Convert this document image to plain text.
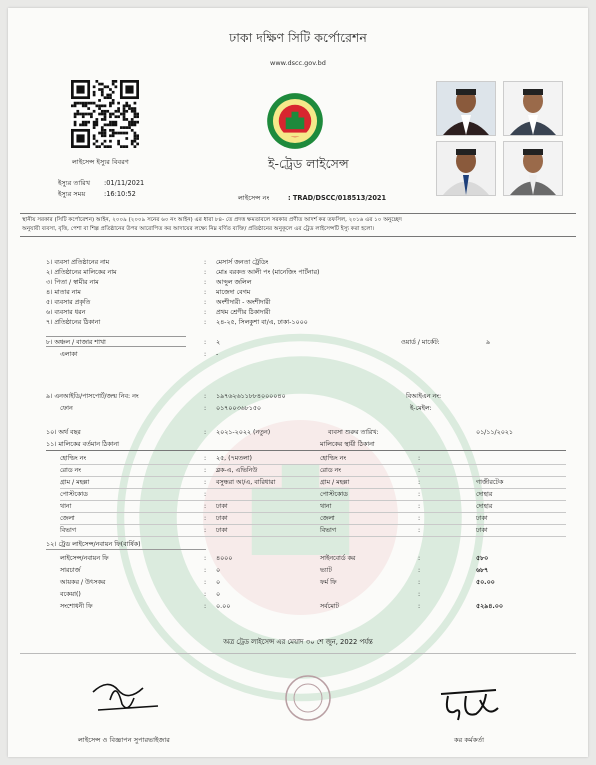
ঢাকা দক্ষিণ সিটি কর্পোরেশন
www.dscc.gov.bd
ই-ট্রেড লাইসেন্স
লাইসেন্স ইস্যুর বিবরণ
ইস্যুর তারিখ :01/11/2021
ইস্যুর সময়	:16:10:52	লাইসেন্স নং	: TRAD/DSCC/018513/2021
স্থানীয় সরকার (সিটি কর্পোরেশন) আইন, ২০০৯ (২০০৯ সনের ৬০ নং আইন) এর ধারা ৮৪- তে প্রদত্ত ক্ষমতাবলে সরকার প্রণীত আদর্শ কর তফসিল, ২০১৬ এর ১০ অনুচ্ছেদ
অনুযায়ী ব্যবসা, বৃত্তি, পেশা বা শিল্প প্রতিষ্ঠানের উপর আরোপিত কর আদায়ের লক্ষ্যে নিম্ন বর্ণিত ব্যক্তি/ প্রতিষ্ঠানের অনুকূলে এর ট্রেড লাইসেন্সটি ইস্যু করা হলো।
১। ব্যবসা প্রতিষ্ঠানের নাম	: মেসার্স জনতা ট্রেডিং
২। প্রতিষ্ঠানের মালিকের নাম	: মোঃ বরকত আলী পং (মানেজিং পার্টনার)
৩। পিতা / স্বামীর নাম	: আব্দুল জলিল
৪। মাতার নাম	: মাজেদা বেগম
৫। ব্যবসার প্রকৃতি	: অংশীদারী - অংশীদারী
৬। ব্যবসার ধরন	: প্রথম শ্রেণীর ঠিকাদারী
৭। প্রতিষ্ঠানের ঠিকানা	: ২৪-২৫, সিলকুশা বা/এ, ঢাকা-১০০০
৮। অঞ্চল / বাজার শাখা	: ২	ওয়ার্ড / মার্কেট:	৯
এলাকা	: -
৯। এনআইডি/পাসপোর্ট/জন্ম নিব: নং	: ১৯৭৬২৬১১৮৮৪০০০০৪০	বিআইএন নং:
ফোন	: ০১৭০০৩৬৮১৫০	ই-মেইল:
১০। অর্থ বছর	: ২০২১-২০২২ (নতুন)	ব্যবসা শুরুর তারিখ:	০১/১১/২০২১
১১। মালিকের বর্তমান ঠিকানা	মালিকের স্থায়ী ঠিকানা
হোল্ডিং নং	: ২৫, (৭মতলা)	হোল্ডিং নং	:
রোড নং	: ব্লক-এ, এভিনিউ	রোড নং	:
গ্রাম / মহল্লা	: বসুন্ধরা আ/এ, বারিধারা	গ্রাম / মহল্লা	:	গাজীরটেক
পোস্টকোড	:	পোস্টকোড	:	দোহার
থানা	: ঢাকা	থানা	:	দোহার
জেলা	: ঢাকা	জেলা	:	ঢাকা
বিভাগ	: ঢাকা	বিভাগ	:	ঢাকা
১২। ট্রেড লাইসেন্স/নবায়ন ফি(বার্ষিক)
লাইসেন্স/নবায়ন ফি	: ৪০০০	সাইনবোর্ড কর	:	৫৮০
সারচার্জ	: ০	ভ্যাট	:	৬৮৭
আয়কর / উৎসকর	: ০	ফর্ম ফি	:	৫০.০০
বকেয়া()	: ০	:
সংশোধনী ফি	: ০.০০	সর্বমোট	:	৫২৯৪.০০
অত্র ট্রেড লাইসেন্স এর মেয়াদ ৩০ শে জুন, 2022 পর্যন্ত
লাইসেন্স ও বিজ্ঞাপন সুপারভাইজার	কর কর্মকর্তা
